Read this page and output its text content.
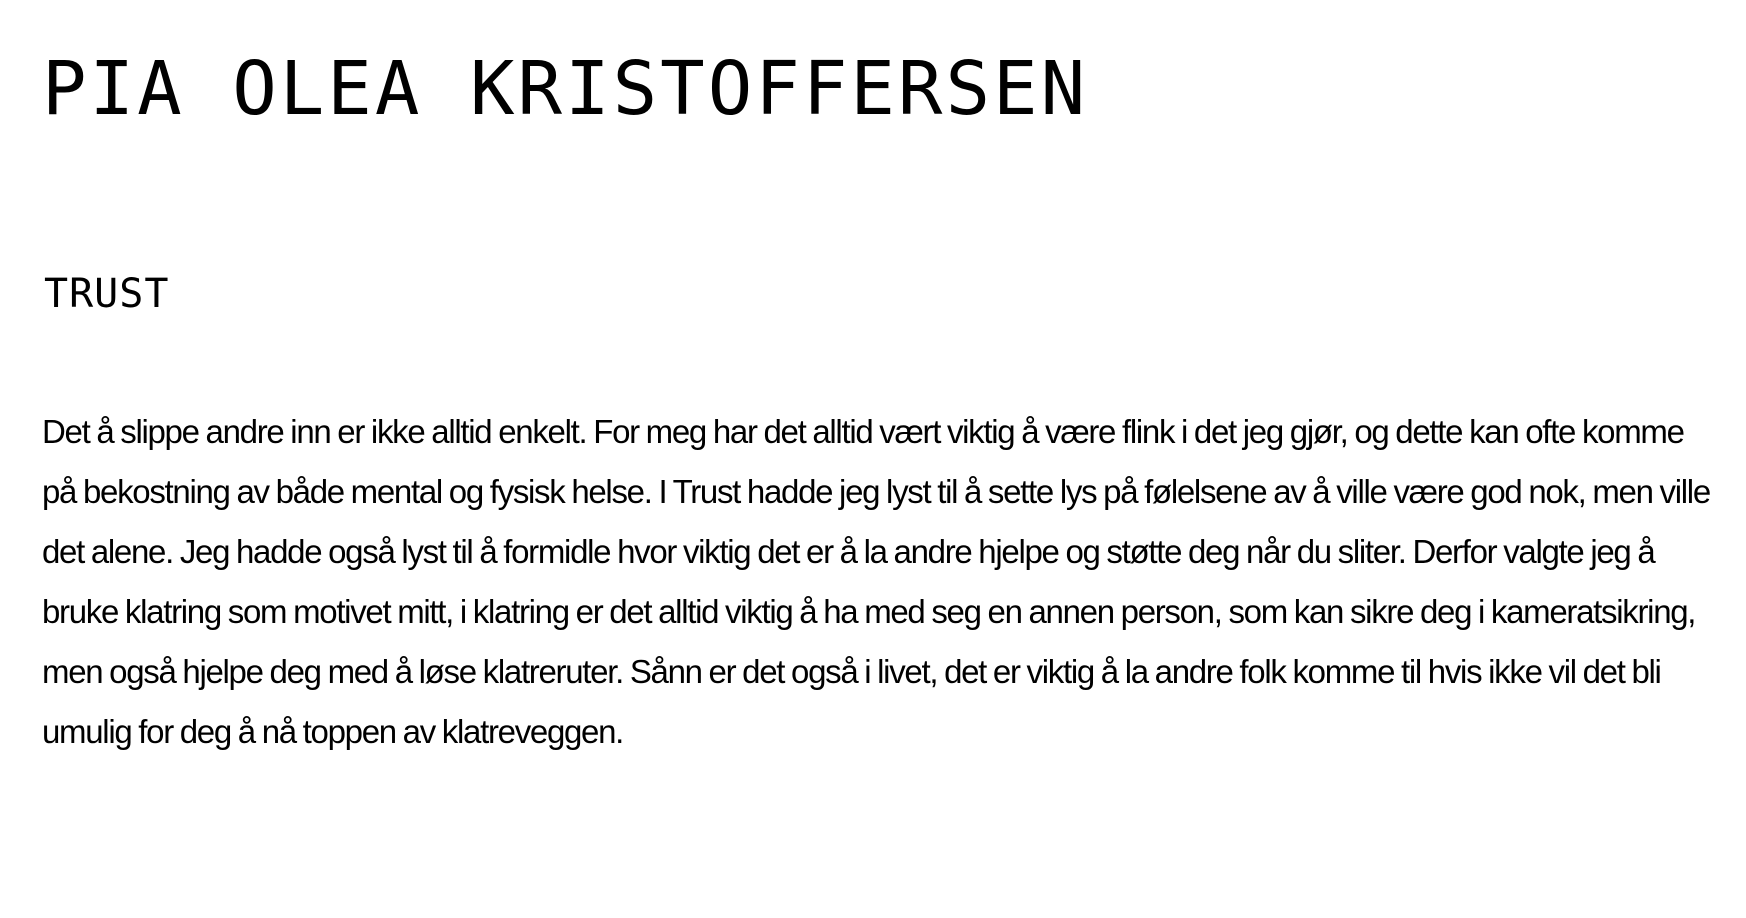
PIA OLEA KRISTOFFERSEN
TRUST

Det å slippe andre inn er ikke alltid enkelt. For meg har det alltid vært viktig å være flink i det jeg gjør, og dette kan ofte komme på bekostning av både mental og fysisk helse. I Trust hadde jeg lyst til å sette lys på følelsene av å ville være god nok, men ville det alene. Jeg hadde også lyst til å formidle hvor viktig det er å la andre hjelpe og støtte deg når du sliter. Derfor valgte jeg å bruke klatring som motivet mitt, i klatring er det alltid viktig å ha med seg en annen person, som kan sikre deg i kameratsikring, men også hjelpe deg med å løse klatreruter. Sånn er det også i livet, det er viktig å la andre folk komme til hvis ikke vil det bli umulig for deg å nå toppen av klatreveggen.
